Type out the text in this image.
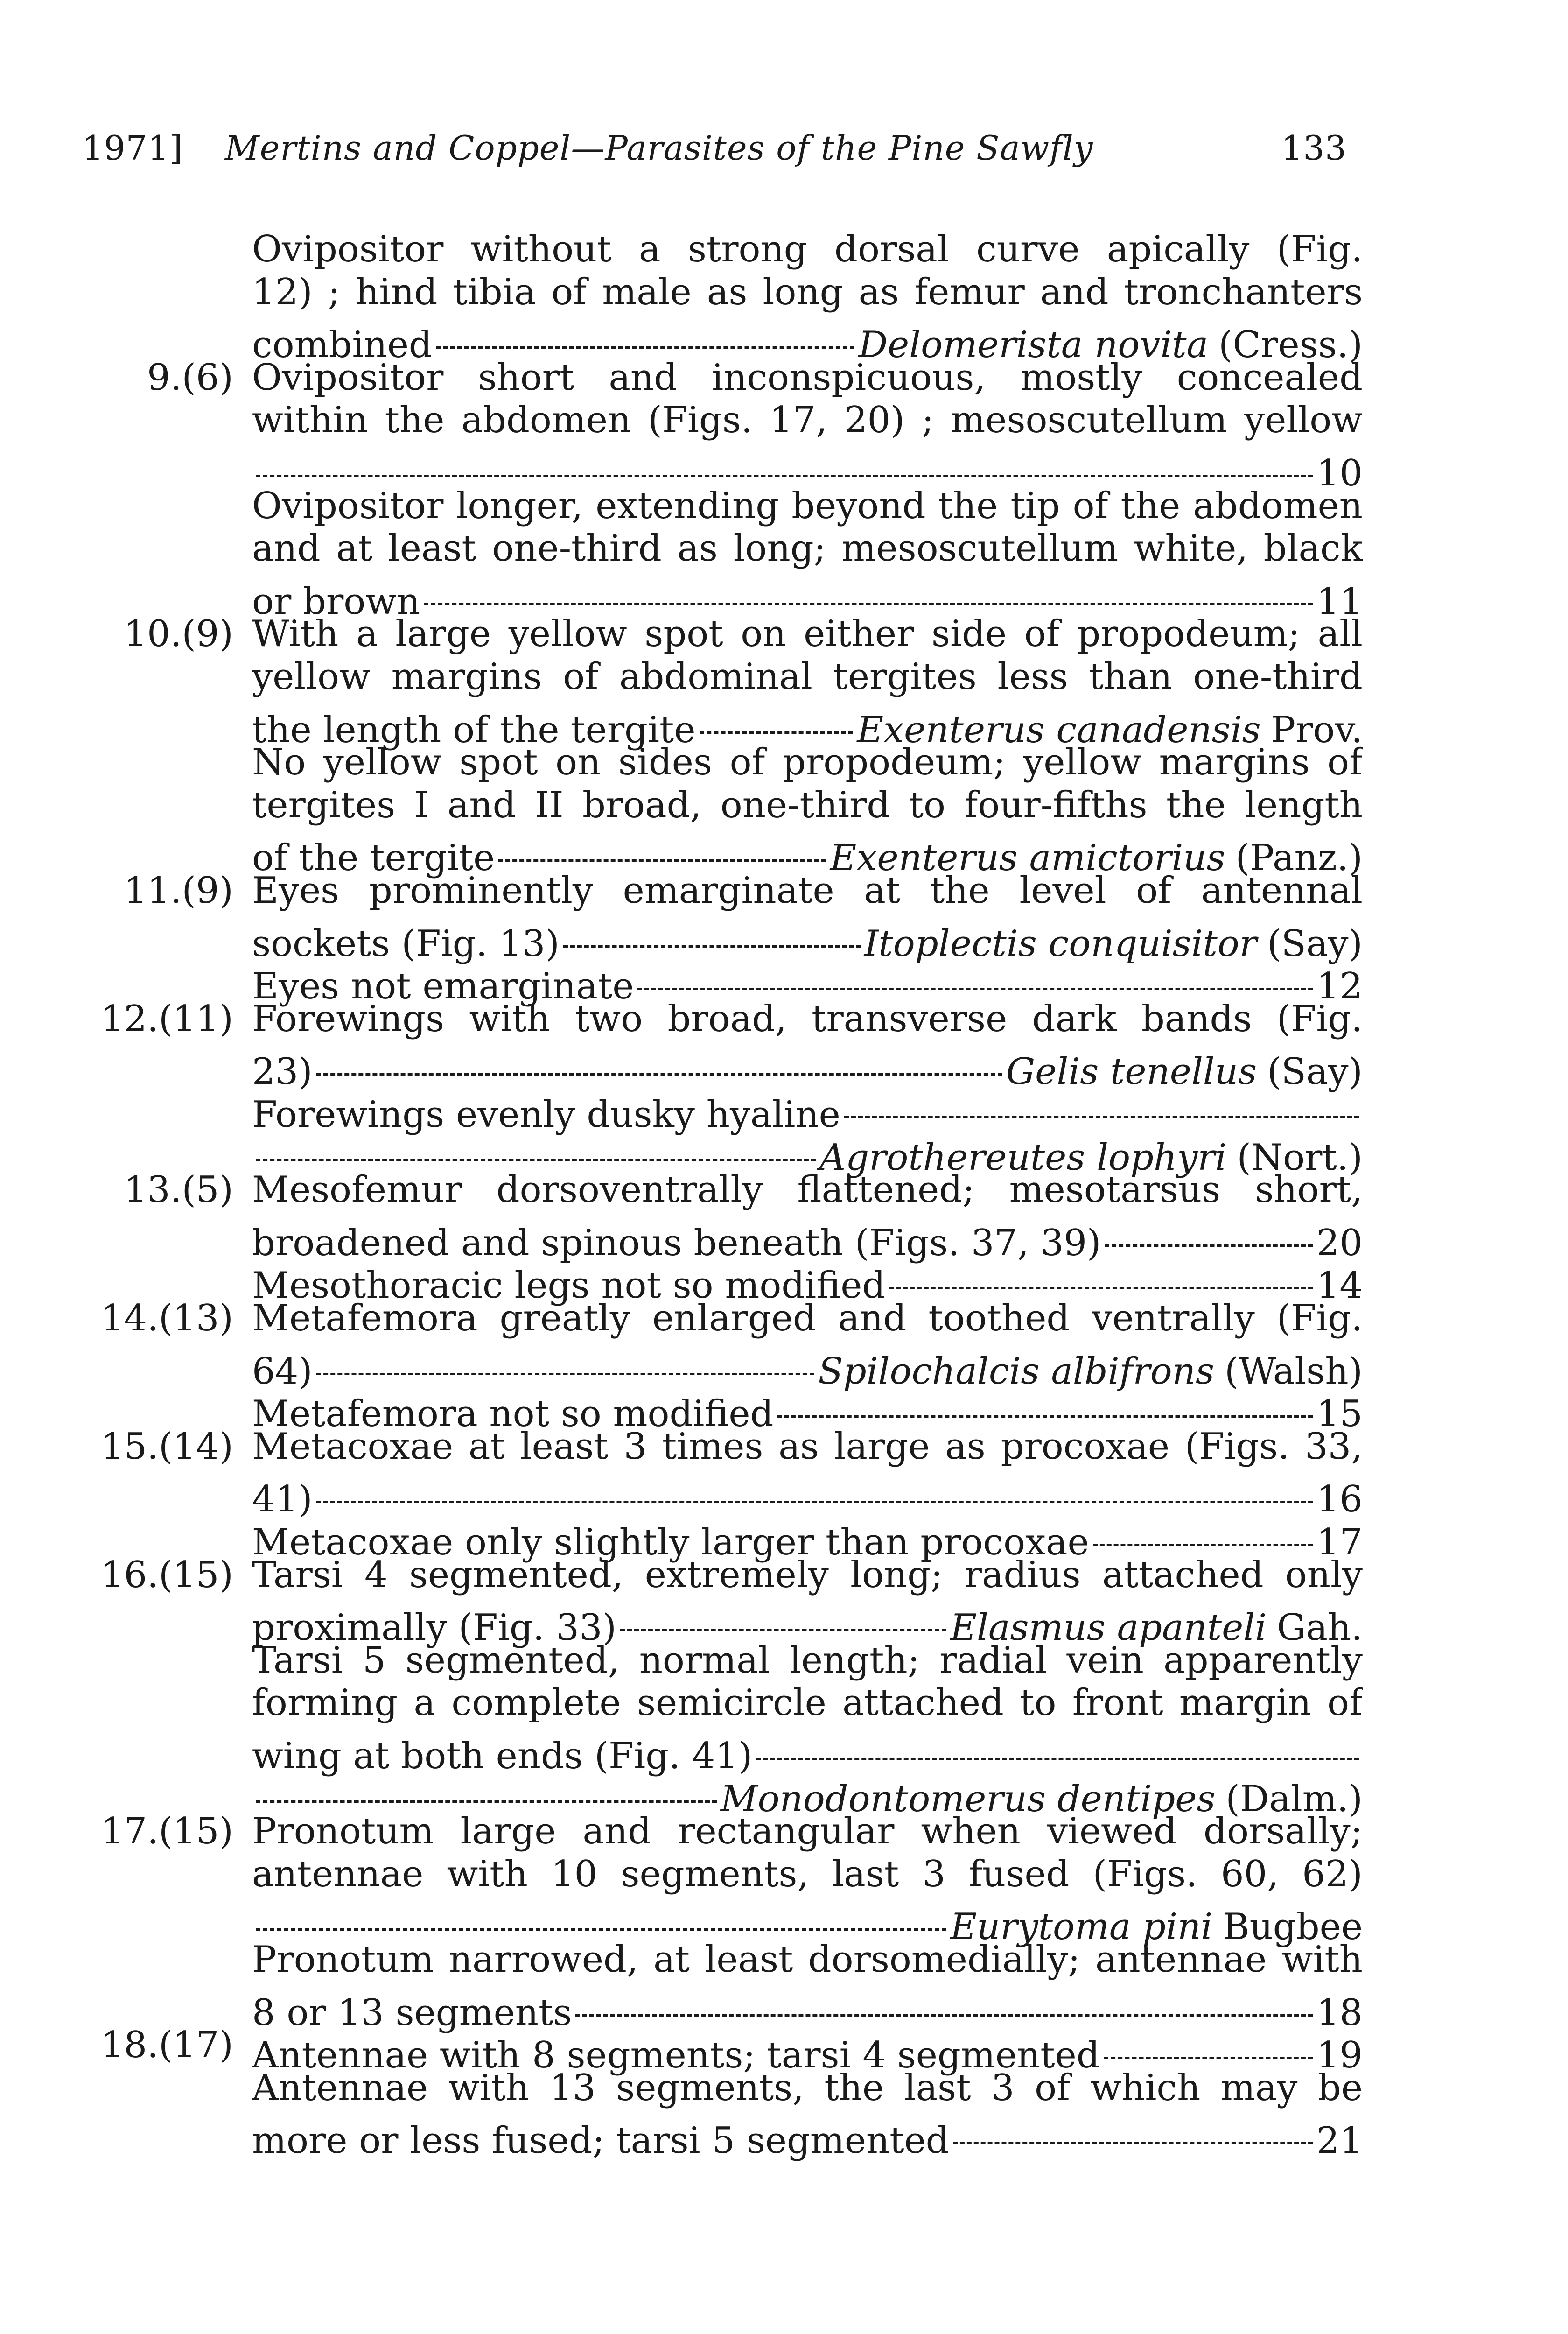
1971] Mertins and Coppel—Parasites of the Pine Sawfly	133
Ovipositor without a strong dorsal curve apically (Fig.
12) ; hind tibia of male as long as femur and tronchanters
combined	Delomerista novita (Cress.)
9.(6) Ovipositor short and inconspicuous, mostly concealed
within the abdomen (Figs. 17, 20) ; mesoscutellum yellow
10
Ovipositor longer, extending beyond the tip of the abdomen
and at least one-third as long; mesoscutellum white, black
or brown	11
10.(9) With a large yellow spot on either side of propodeum; all
yellow margins of abdominal tergites less than one-third
the length of the tergite	Exenterus canadensis Prov.
No yellow spot on sides of propodeum; yellow margins of
tergites I and II broad, one-third to four-fifths the length
of the tergite	Exenterus amictorius (Panz.)
11.(9) Eyes prominently emarginate at the level of antennal
sockets (Fig. 13)	Itoplectis conquisitor (Say)
Eyes not emarginate	12
12.(11) Forewings with two broad, transverse dark bands (Fig.
23)	Gelis tenellus (Say)
Forewings evenly dusky hyaline
Agrothereutes lophyri (Nort.)
13.(5) Mesofemur dorsoventrally flattened; mesotarsus short,
broadened and spinous beneath (Figs. 37, 39)	20
Mesothoracic legs not so modified	14
14.(13) Metafemora greatly enlarged and toothed ventrally (Fig.
64)	Spilochalcis albifrons (Walsh)
Metafemora not so modified	15
15.(14) Metacoxae at least 3 times as large as procoxae (Figs. 33,
41)	16
Metacoxae only slightly larger than procoxae	17
16.(15) Tarsi 4 segmented, extremely long; radius attached only
proximally (Fig. 33)	Elasmus apanteli Gah.
Tarsi 5 segmented, normal length; radial vein apparently
forming a complete semicircle attached to front margin of
wing at both ends (Fig. 41)
Monodontomerus dentipes (Dalm.)
17.(15) Pronotum large and rectangular when viewed dorsally;
antennae with 10 segments, last 3 fused (Figs. 60, 62)
Eurytoma pini Bugbee
Pronotum narrowed, at least dorsomedially; antennae with
8 or 13 segments	18
18.(17) Antennae with 8 segments; tarsi 4 segmented	19
Antennae with 13 segments, the last 3 of which may be
more or less fused; tarsi 5 segmented	21
